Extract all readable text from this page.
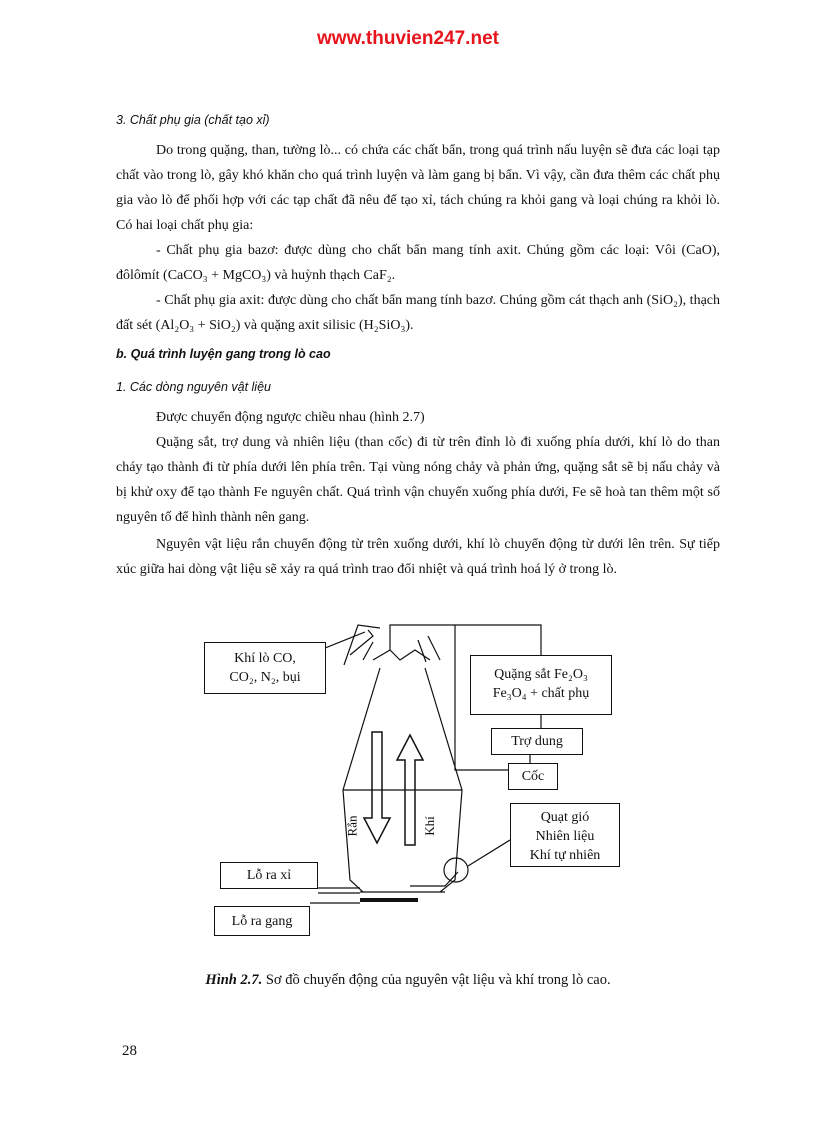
www.thuvien247.net

3. Chất phụ gia (chất tạo xỉ)

Do trong quặng, than, tường lò... có chứa các chất bẩn, trong quá trình nấu luyện sẽ đưa các loại tạp chất vào trong lò, gây khó khăn cho quá trình luyện và làm gang bị bẩn. Vì vậy, cần đưa thêm các chất phụ gia vào lò để phối hợp với các tạp chất đã nêu để tạo xỉ, tách chúng ra khỏi gang và loại chúng ra khỏi lò. Có hai loại chất phụ gia:

- Chất phụ gia bazơ: được dùng cho chất bẩn mang tính axit. Chúng gồm các loại: Vôi (CaO), đôlômít (CaCO₃ + MgCO₃) và huỳnh thạch CaF₂.

- Chất phụ gia axit: được dùng cho chất bẩn mang tính bazơ. Chúng gồm cát thạch anh (SiO₂), thạch đất sét (Al₂O₃ + SiO₂) và quặng axit silisic (H₂SiO₃).

b. Quá trình luyện gang trong lò cao

1. Các dòng nguyên vật liệu

Được chuyển động ngược chiều nhau (hình 2.7)

Quặng sắt, trợ dung và nhiên liệu (than cốc) đi từ trên đỉnh lò đi xuống phía dưới, khí lò do than cháy tạo thành đi từ phía dưới lên phía trên. Tại vùng nóng chảy và phản ứng, quặng sắt sẽ bị nấu chảy và bị khử oxy để tạo thành Fe nguyên chất. Quá trình vận chuyển xuống phía dưới, Fe sẽ hoà tan thêm một số nguyên tố để hình thành nên gang.

Nguyên vật liệu rắn chuyển động từ trên xuống dưới, khí lò chuyển động từ dưới lên trên. Sự tiếp xúc giữa hai dòng vật liệu sẽ xảy ra quá trình trao đổi nhiệt và quá trình hoá lý ở trong lò.

Khí lò CO,
CO₂, N₂, bụi	Quặng sắt Fe₂O₃
Fe₃O₄ + chất phụ
Trợ dung
Cốc
Quạt gió
Nhiên liệu
Khí tự nhiên
Lỗ ra xỉ
Lỗ ra gang
Rắn	Khí
Hình 2.7. Sơ đồ chuyển động của nguyên vật liệu và khí trong lò cao.
28
